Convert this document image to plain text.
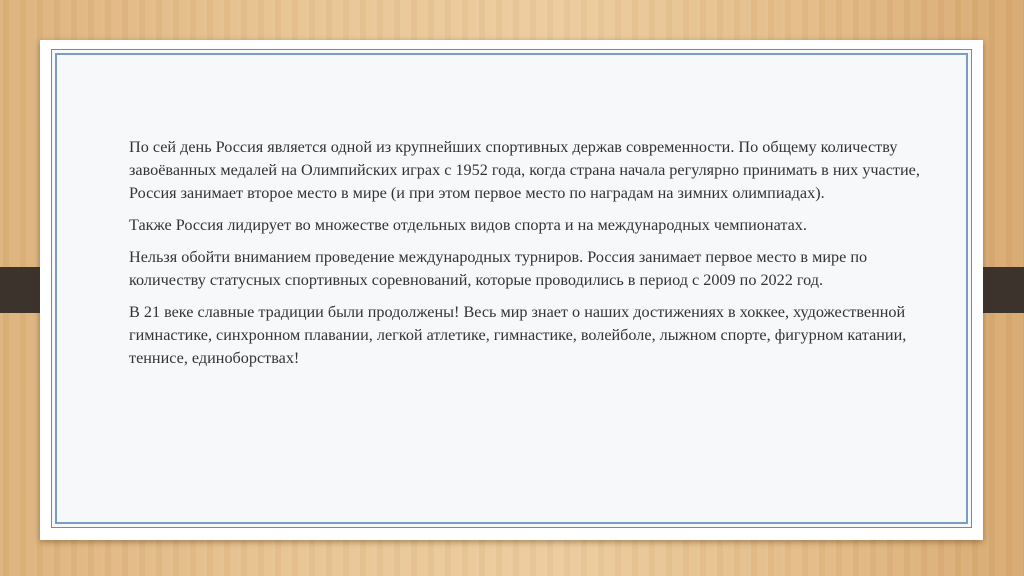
По сей день Россия является одной из крупнейших спортивных держав современности. По общему количеству завоёванных медалей на Олимпийских играх с 1952 года, когда страна начала регулярно принимать в них участие, Россия занимает второе место в мире (и при этом первое место по наградам на зимних олимпиадах).

Также Россия лидирует во множестве отдельных видов спорта и на международных чемпионатах.

Нельзя обойти вниманием проведение международных турниров. Россия занимает первое место в мире по количеству статусных спортивных соревнований, которые проводились в период с 2009 по 2022 год.

В 21 веке славные традиции были продолжены! Весь мир знает о наших достижениях в хоккее, художественной гимнастике, синхронном плавании, легкой атлетике, гимнастике, волейболе, лыжном спорте, фигурном катании, теннисе, единоборствах!
